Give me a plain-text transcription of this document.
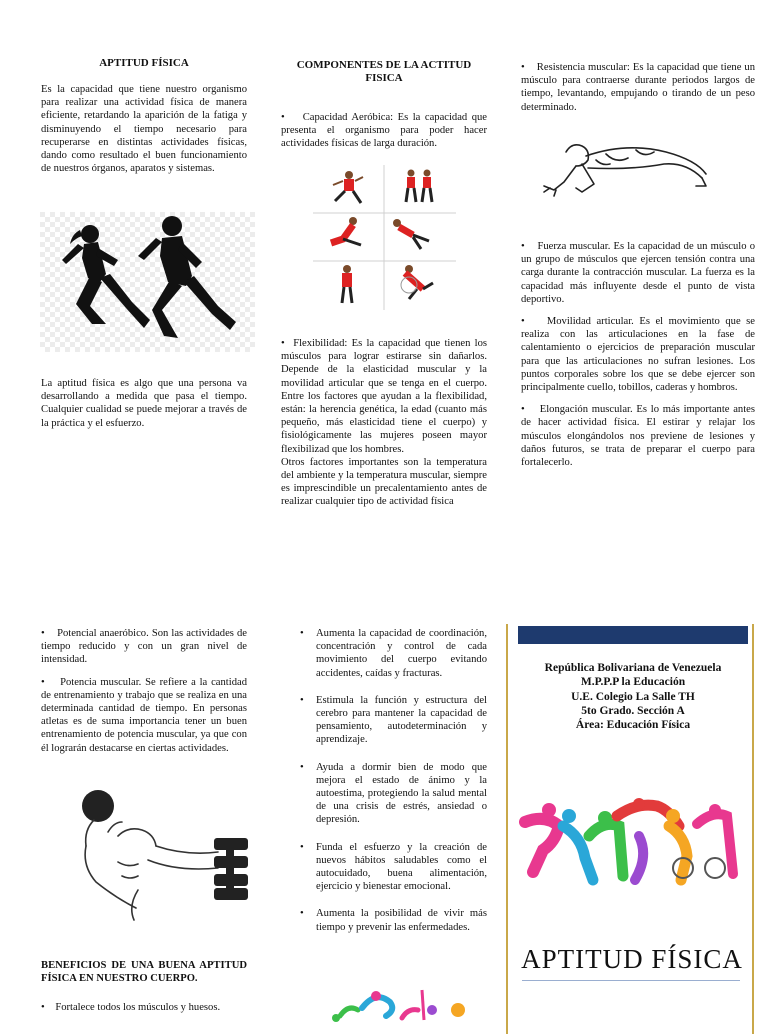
APTITUD FÍSICA

Es la capacidad que tiene nuestro organismo para realizar una actividad física de manera eficiente, retardando la aparición de la fatiga y disminuyendo el tiempo necesario para recuperarse en distintas actividades físicas, dando como resultado el buen funcionamiento de nuestros órganos, aparatos y sistemas.

La aptitud física es algo que una persona va desarrollando a medida que pasa el tiempo. Cualquier cualidad se puede mejorar a través de la práctica y el esfuerzo.

COMPONENTES DE LA ACTITUD FISICA

• Capacidad Aeróbica: Es la capacidad que presenta el organismo para poder hacer actividades físicas de larga duración.

• Flexibilidad: Es la capacidad que tienen los músculos para lograr estirarse sin dañarlos. Depende de la elasticidad muscular y la movilidad articular que se tenga en el cuerpo. Entre los factores que ayudan a la flexibilidad, están: la herencia genética, la edad (cuanto más pequeño, más elasticidad tiene el cuerpo) y fisiológicamente las mujeres poseen mayor flexibilizad que los hombres.
Otros factores importantes son la temperatura del ambiente y la temperatura muscular, siempre es imprescindible un precalentamiento antes de realizar cualquier tipo de actividad física

• Resistencia muscular: Es la capacidad que tiene un músculo para contraerse durante periodos largos de tiempo, levantando, empujando o tirando de un peso determinado.

• Fuerza muscular. Es la capacidad de un músculo o un grupo de músculos que ejercen tensión contra una carga durante la contracción muscular. La fuerza es la capacidad más influyente desde el punto de vista deportivo.

• Movilidad articular. Es el movimiento que se realiza con las articulaciones en la fase de calentamiento o ejercicios de preparación muscular para que las articulaciones no sufran lesiones. Los puntos corporales sobre los que se debe ejercer son principalmente cuello, tobillos, caderas y hombros.

• Elongación muscular. Es lo más importante antes de hacer actividad física. El estirar y relajar los músculos elongándolos nos previene de lesiones y daños futuros, se trata de preparar el cuerpo para fortalecerlo.

• Potencial anaeróbico. Son las actividades de tiempo reducido y con un gran nivel de intensidad.

• Potencia muscular. Se refiere a la cantidad de entrenamiento y trabajo que se realiza en una determinada cantidad de tiempo. En personas atletas es de suma importancia tener un buen entrenamiento de potencia muscular, ya que con él lograrán destacarse en ciertas actividades.

BENEFICIOS DE UNA BUENA APTITUD FÍSICA EN NUESTRO CUERPO.

• Fortalece todos los músculos y huesos.

• Aumenta la capacidad de coordinación, concentración y control de cada movimiento del cuerpo evitando accidentes, caídas y fracturas.
• Estimula la función y estructura del cerebro para mantener la capacidad de pensamiento, autodeterminación y aprendizaje.
• Ayuda a dormir bien de modo que mejora el estado de ánimo y la autoestima, protegiendo la salud mental de una crisis de estrés, ansiedad o depresión.
• Funda el esfuerzo y la creación de nuevos hábitos saludables como el autocuidado, buena alimentación, ejercicio y bienestar emocional.
• Aumenta la posibilidad de vivir más tiempo y prevenir las enfermedades.
República Bolivariana de Venezuela
M.P.P.P la Educación
U.E. Colegio La Salle TH
5to Grado. Sección A
Área: Educación Física
APTITUD FÍSICA
